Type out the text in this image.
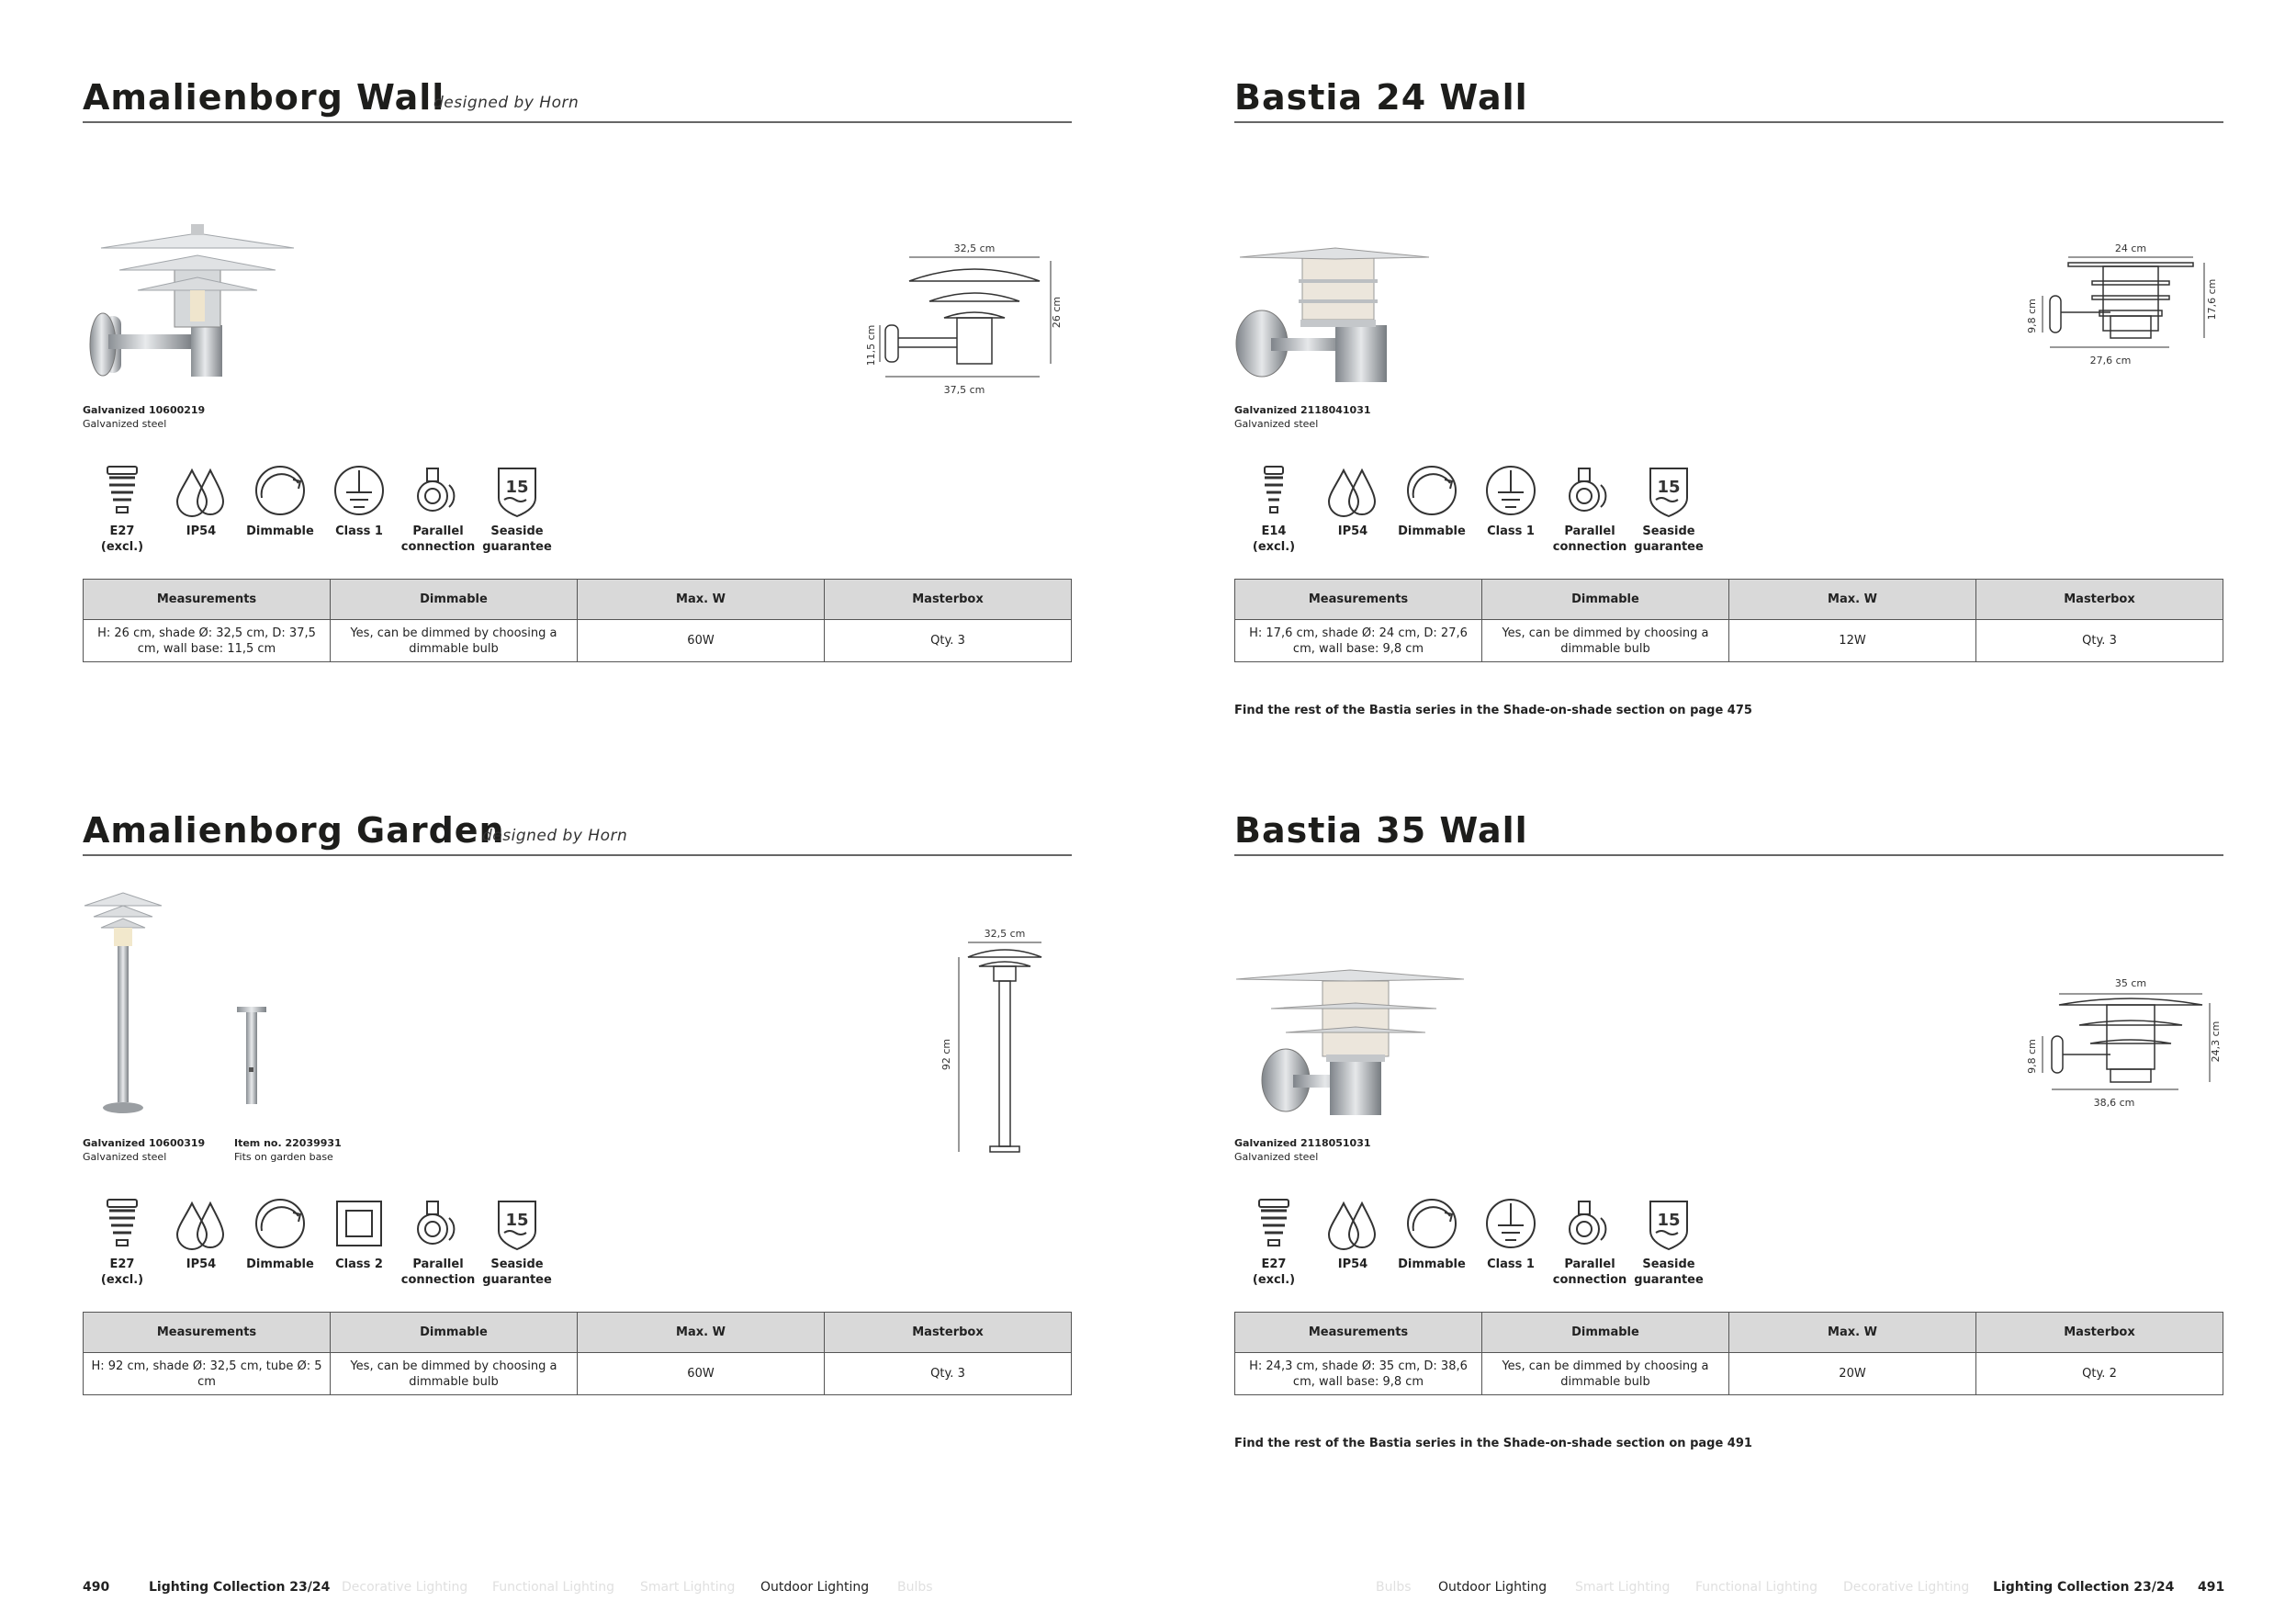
Amalienborg Wall
designed by Horn
32,5 cm
11,5 cm
26 cm
37,5 cm
Galvanized 10600219
Galvanized steel
E27
(excl.)
IP54	Dimmable Class 1	Parallel
connection
15
Seaside
guarantee
Measurements	Dimmable	Max. W	Masterbox
H: 26 cm, shade Ø: 32,5 cm, D: 37,5 cm, wall base: 11,5 cm	Yes, can be dimmed by choosing a dimmable bulb	60W	Qty. 3
Bastia 24 Wall
24 cm
9,8 cm	17,6 cm
27,6 cm
Galvanized 2118041031
Galvanized steel
E14
(excl.)
IP54	Dimmable Class 1	Parallel
connection
15
Seaside
guarantee
Measurements	Dimmable	Max. W	Masterbox
H: 17,6 cm, shade Ø: 24 cm, D: 27,6 cm, wall base: 9,8 cm	Yes, can be dimmed by choosing a dimmable bulb	12W	Qty. 3
Find the rest of the Bastia series in the Shade-on-shade section on page 475
Amalienborg Garden
designed by Horn
32,5 cm
92 cm
Galvanized 10600319
Galvanized steel
Item no. 22039931
Fits on garden base
E27
(excl.)
IP54	Dimmable Class 2	Parallel
connection
15
Seaside
guarantee
Measurements	Dimmable	Max. W	Masterbox
H: 92 cm, shade Ø: 32,5 cm, tube Ø: 5 cm	Yes, can be dimmed by choosing a dimmable bulb	60W	Qty. 3
Bastia 35 Wall
35 cm
9,8 cm	24,3 cm
38,6 cm
Galvanized 2118051031
Galvanized steel
E27
(excl.)
IP54	Dimmable Class 1	Parallel
connection
15
Seaside
guarantee
Measurements	Dimmable	Max. W	Masterbox
H: 24,3 cm, shade Ø: 35 cm, D: 38,6 cm, wall base: 9,8 cm	Yes, can be dimmed by choosing a dimmable bulb	20W	Qty. 2
Find the rest of the Bastia series in the Shade-on-shade section on page 491
490	Lighting Collection 23/24 Decorative Lighting Functional Lighting Smart Lighting Outdoor Lighting Bulbs	Bulbs Outdoor Lighting Smart Lighting Functional Lighting Decorative Lighting Lighting Collection 23/24 491
